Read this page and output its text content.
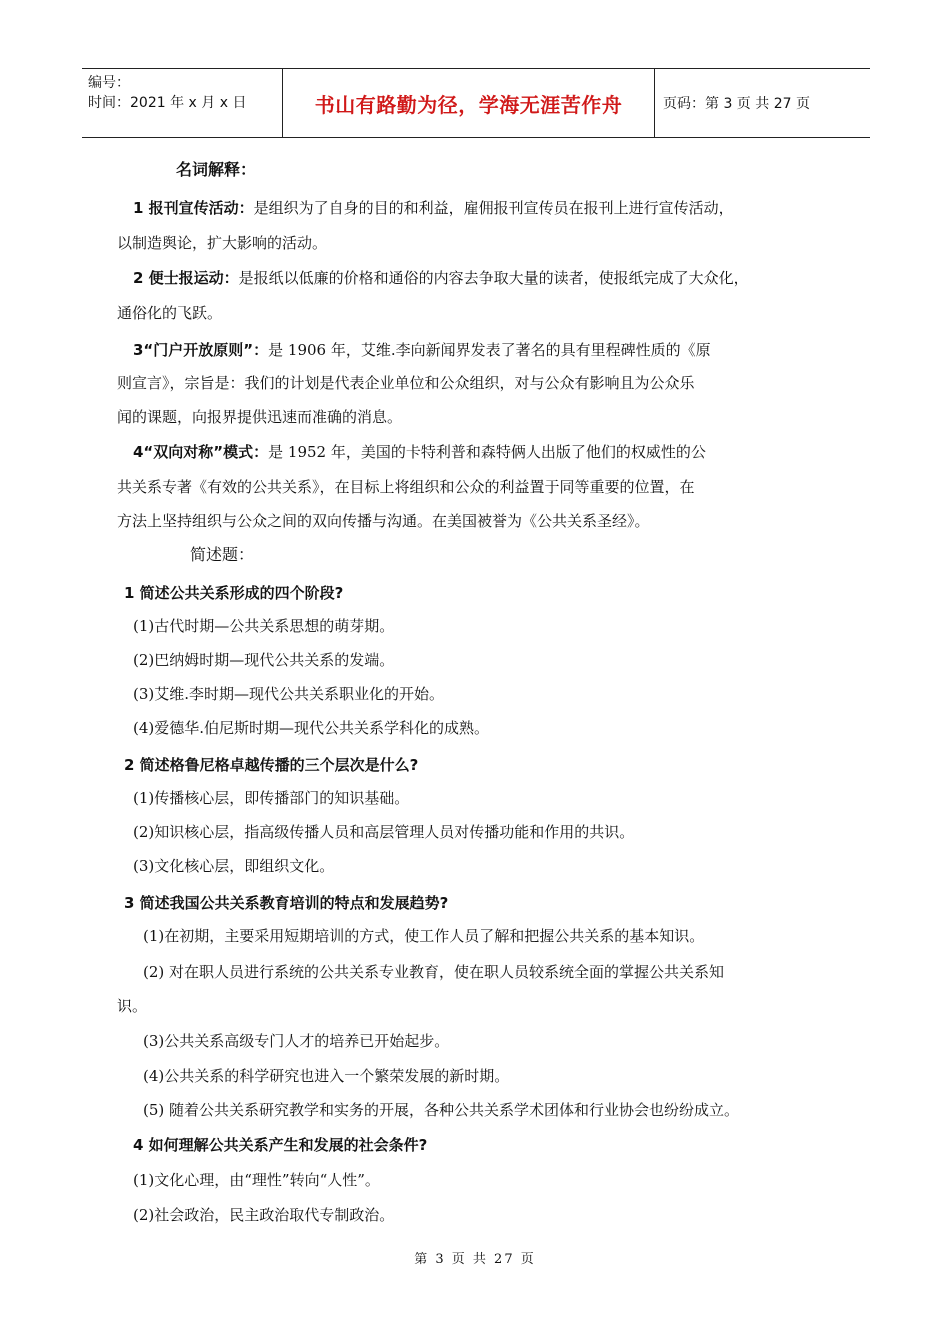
编号：
时间：2021 年 x 月 x 日	书山有路勤为径，学海无涯苦作舟	页码：第 3 页 共 27 页
名词解释：
1 报刊宣传活动：是组织为了自身的目的和利益，雇佣报刊宣传员在报刊上进行宣传活动，
以制造舆论，扩大影响的活动。
2 便士报运动：是报纸以低廉的价格和通俗的内容去争取大量的读者，使报纸完成了大众化，
通俗化的飞跃。
3“门户开放原则”：是 1906 年，艾维.李向新闻界发表了著名的具有里程碑性质的《原
则宣言》，宗旨是：我们的计划是代表企业单位和公众组织，对与公众有影响且为公众乐
闻的课题，向报界提供迅速而准确的消息。
4“双向对称”模式：是 1952 年，美国的卡特利普和森特俩人出版了他们的权威性的公
共关系专著《有效的公共关系》，在目标上将组织和公众的利益置于同等重要的位置，在
方法上坚持组织与公众之间的双向传播与沟通。在美国被誉为《公共关系圣经》。
简述题：
1 简述公共关系形成的四个阶段?
(1)古代时期—公共关系思想的萌芽期。
(2)巴纳姆时期—现代公共关系的发端。
(3)艾维.李时期—现代公共关系职业化的开始。
(4)爱德华.伯尼斯时期—现代公共关系学科化的成熟。
2 简述格鲁尼格卓越传播的三个层次是什么?
(1)传播核心层，即传播部门的知识基础。
(2)知识核心层，指高级传播人员和高层管理人员对传播功能和作用的共识。
(3)文化核心层，即组织文化。
3 简述我国公共关系教育培训的特点和发展趋势?
(1)在初期，主要采用短期培训的方式，使工作人员了解和把握公共关系的基本知识。
(2) 对在职人员进行系统的公共关系专业教育，使在职人员较系统全面的掌握公共关系知
识。
(3)公共关系高级专门人才的培养已开始起步。
(4)公共关系的科学研究也进入一个繁荣发展的新时期。
(5) 随着公共关系研究教学和实务的开展，各种公共关系学术团体和行业协会也纷纷成立。
4 如何理解公共关系产生和发展的社会条件?
(1)文化心理，由“理性”转向“人性”。
(2)社会政治，民主政治取代专制政治。
第 3 页 共 27 页
